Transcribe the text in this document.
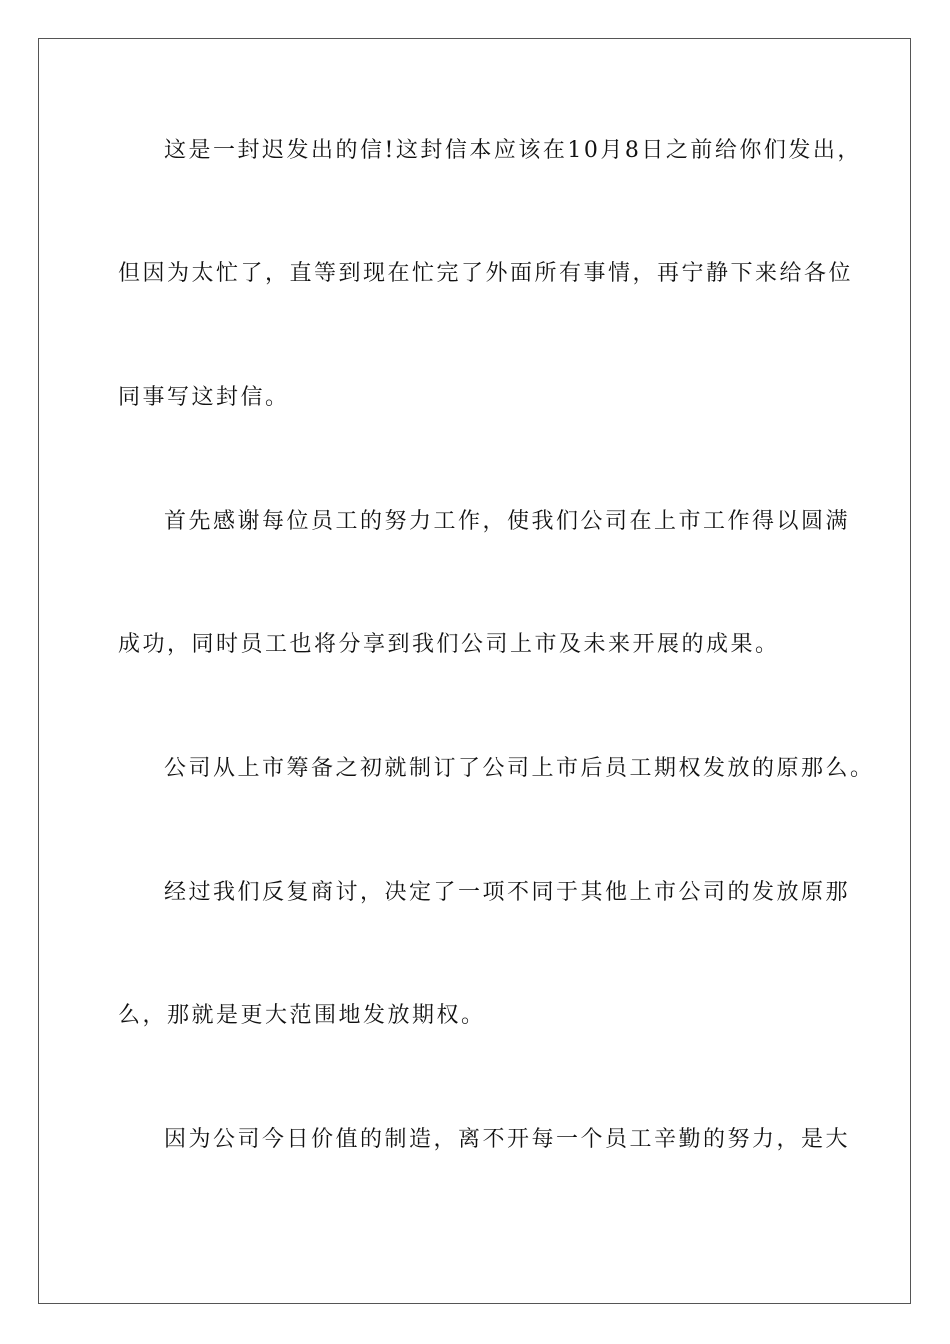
这是一封迟发出的信!这封信本应该在10月8日之前给你们发出，
但因为太忙了，直等到现在忙完了外面所有事情，再宁静下来给各位
同事写这封信。
首先感谢每位员工的努力工作，使我们公司在上市工作得以圆满
成功，同时员工也将分享到我们公司上市及未来开展的成果。
公司从上市筹备之初就制订了公司上市后员工期权发放的原那么。
经过我们反复商讨，决定了一项不同于其他上市公司的发放原那
么，那就是更大范围地发放期权。
因为公司今日价值的制造，离不开每一个员工辛勤的努力，是大
